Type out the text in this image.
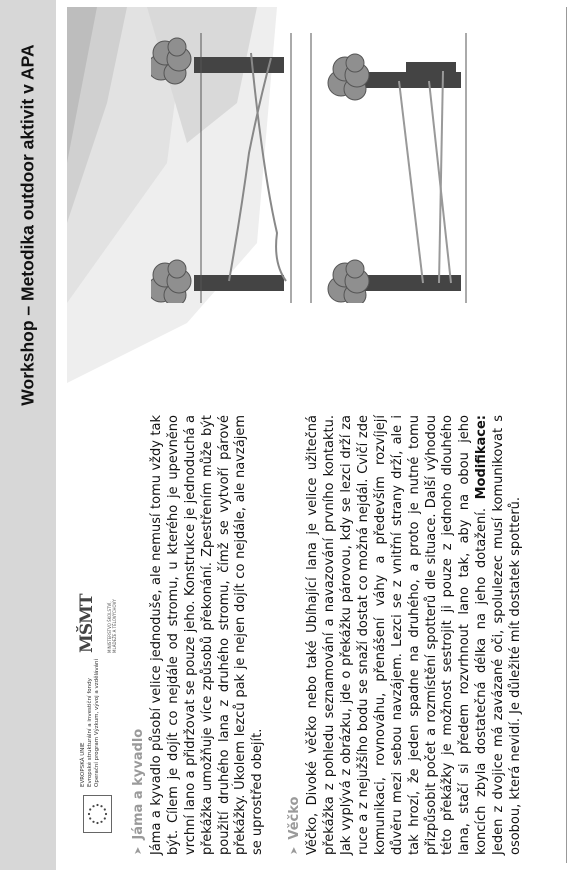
Workshop – Metodika outdoor aktivit v APA
EVROPSKÁ UNIE Evropské strukturální a investiční fondy Operační program Výzkum, vývoj a vzdělávání
MŠMT	MINISTERSTVO ŠKOLSTVÍ, MLÁDEŽE A TĚLOVÝCHOVY
➤
Jáma a kyvadlo Jáma a kyvadlo působí velice jednoduše, ale nemusí tomu vždy tak být. Cílem je dojít co nejdále od stromu, u kterého je upevněno vrchní lano a přidržovat se pouze jeho. Konstrukce je jednoduchá a překážka umožňuje více způsobů překonání. Zpestřením může být použití druhého lana z druhého stromu, čímž se vytvoří párové překážky. Úkolem lezců pak je nejen dojít co nejdále, ale navzájem se uprostřed obejít. ➤
Věčko Věčko, Divoké věčko nebo také Ubíhající lana je velice užitečná překážka z pohledu seznamování a navazování prvního kontaktu. Jak vyplývá z obrázku, jde o překážku párovou, kdy se lezci drží za ruce a z nejužšího bodu se snaží dostat co možná nejdál. Cvičí zde komunikaci, rovnováhu, přenášení váhy a především rozvíjejí důvěru mezi sebou navzájem. Lezci se z vnitřní strany drží, ale i tak hrozí, že jeden spadne na druhého, a proto je nutné tomu přizpůsobit počet a rozmístění spotterů dle situace. Další výhodou této překážky je možnost sestrojit ji pouze z jednoho dlouhého lana, stačí si předem rozvrhnout lano tak, aby na obou jeho koncích zbyla dostatečná délka na jeho dotažení. Modifikace: Jeden z dvojice má zavázané oči, spolulezec musí komunikovat s osobou, která nevidí. Je důležité mít dostatek spotterů.
